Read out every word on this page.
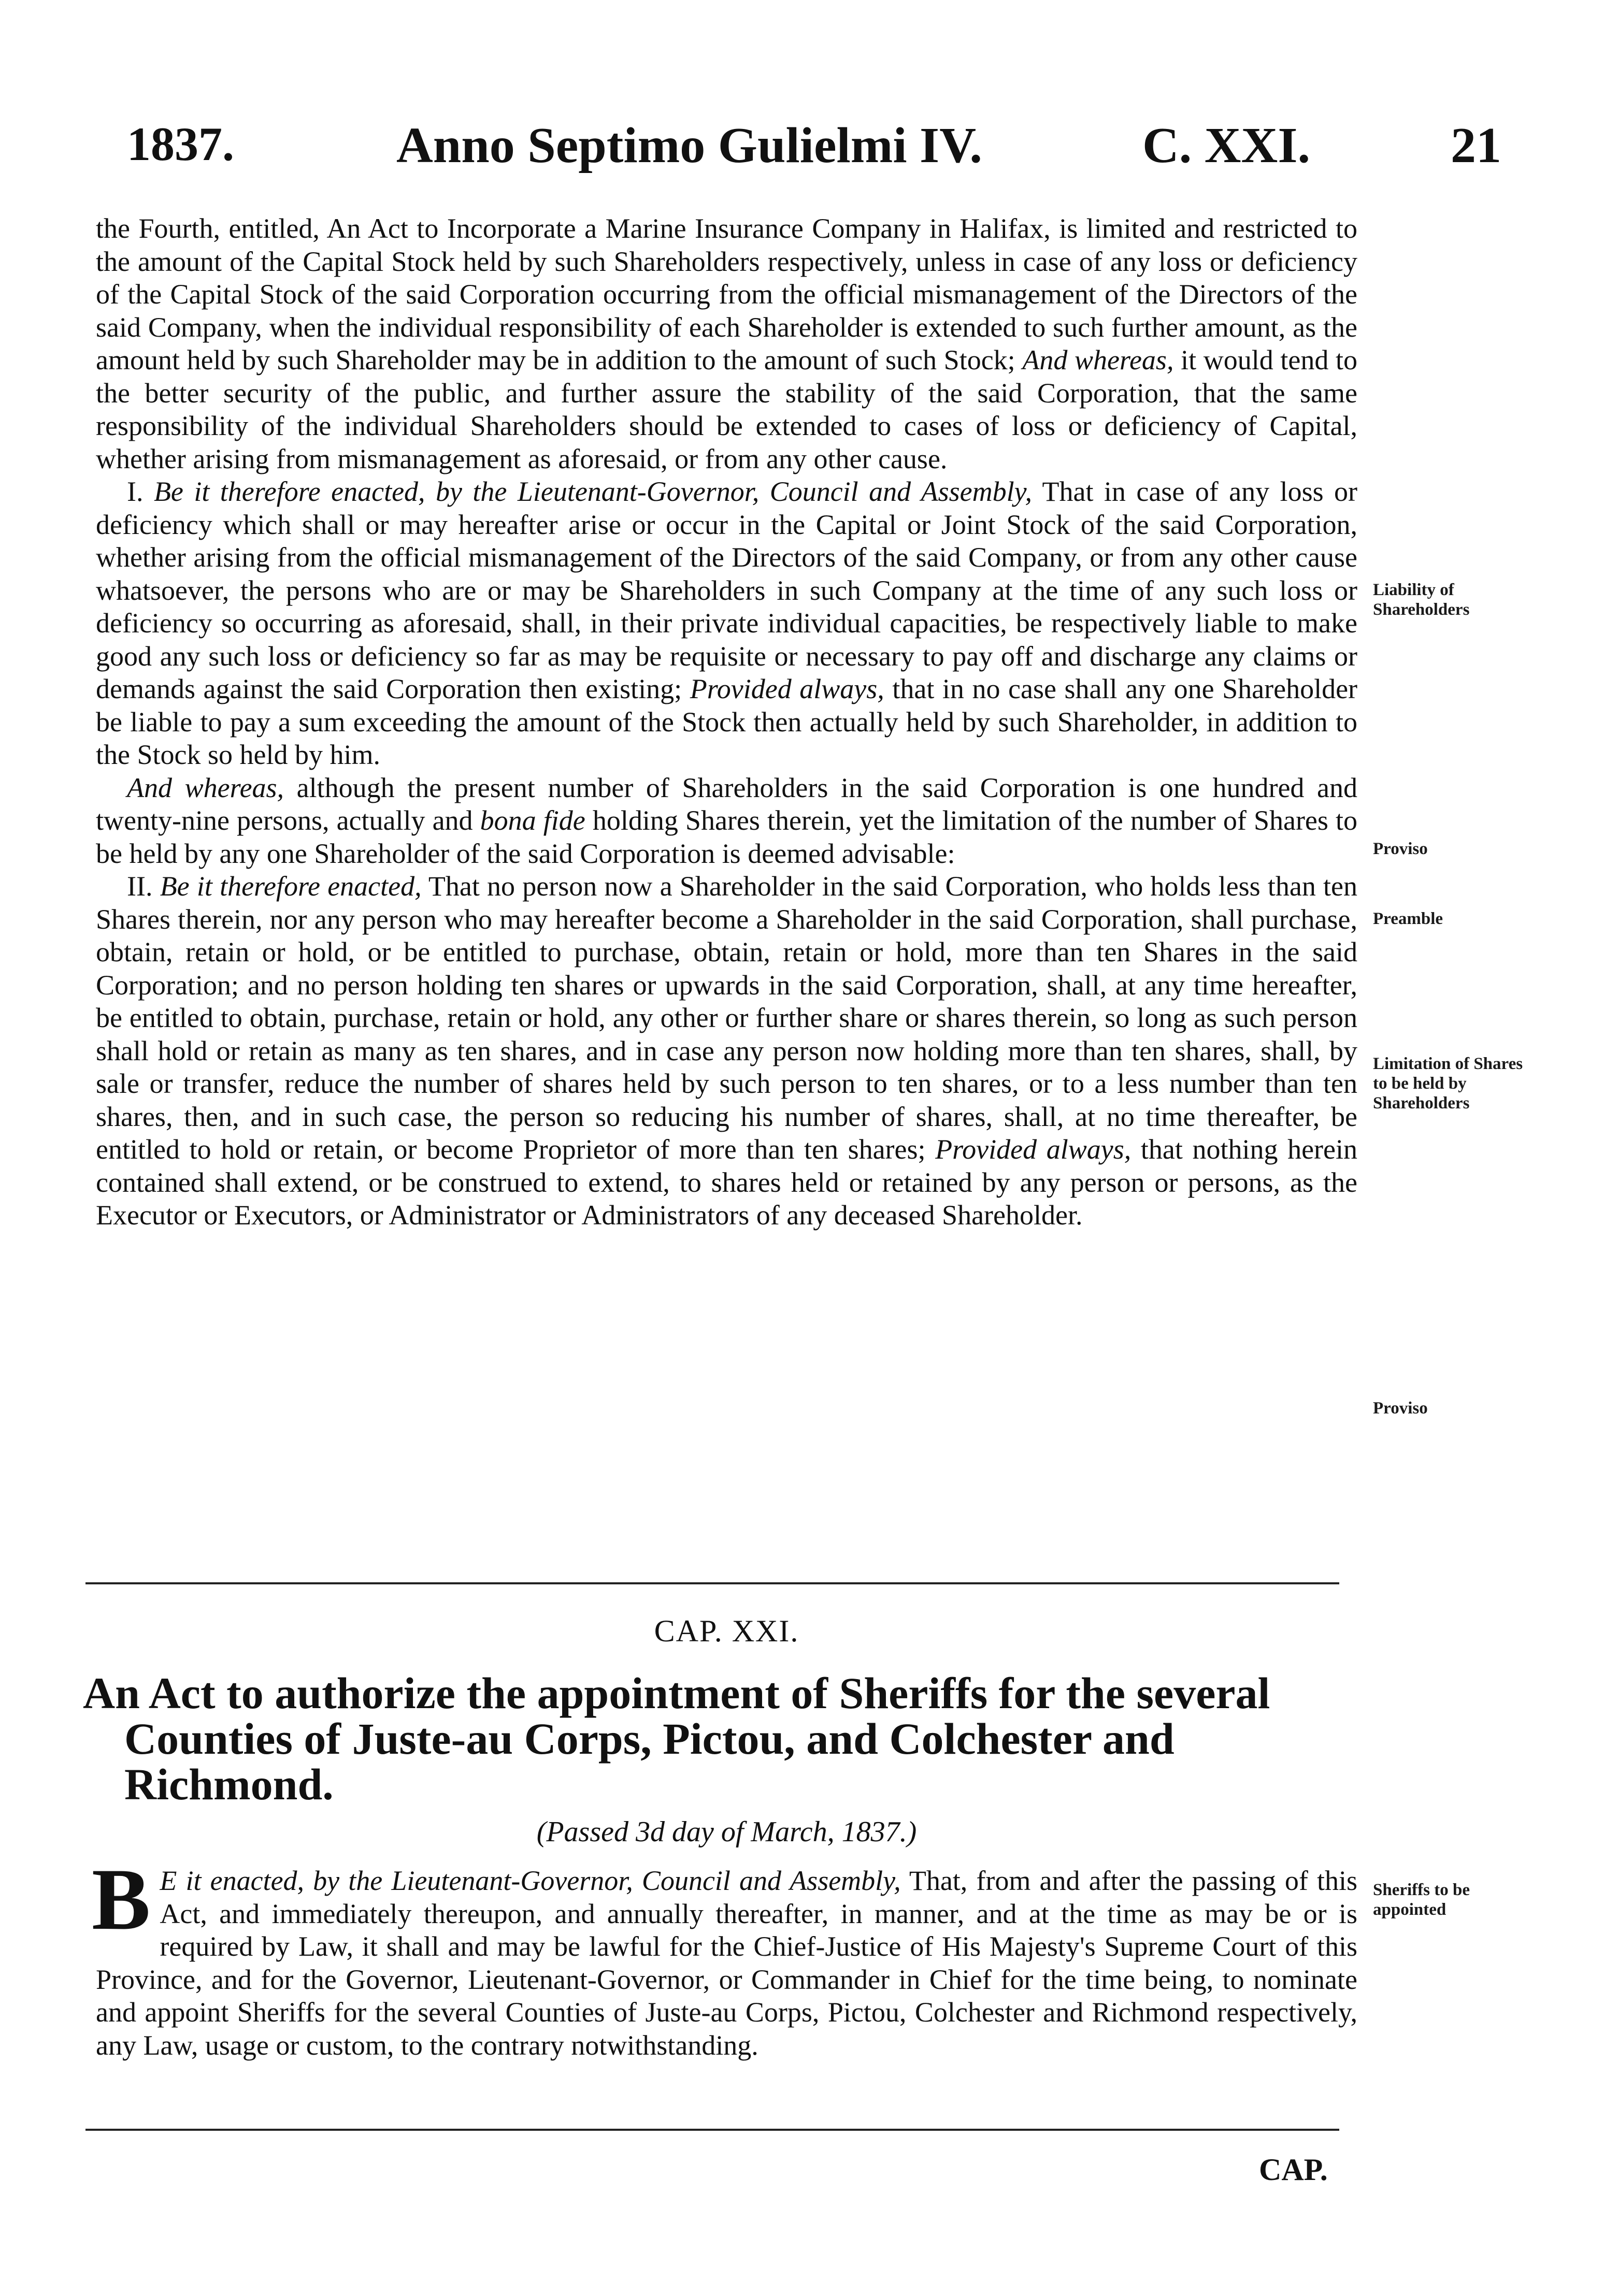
1837.	Anno Septimo Gulielmi IV.	C. XXI.	21

the Fourth, entitled, An Act to Incorporate a Marine Insurance Company in Halifax, is limited and restricted to the amount of the Capital Stock held by such Shareholders respectively, unless in case of any loss or deficiency of the Capital Stock of the said Corporation occurring from the official mismanagement of the Directors of the said Company, when the individual responsibility of each Shareholder is extended to such further amount, as the amount held by such Shareholder may be in addition to the amount of such Stock; And whereas, it would tend to the better security of the public, and further assure the stability of the said Corporation, that the same responsibility of the individual Shareholders should be extended to cases of loss or deficiency of Capital, whether arising from mismanagement as aforesaid, or from any other cause.

I. Be it therefore enacted, by the Lieutenant-Governor, Council and Assembly, That in case of any loss or deficiency which shall or may hereafter arise or occur in the Capital or Joint Stock of the said Corporation, whether arising from the official mismanagement of the Directors of the said Company, or from any other cause whatsoever, the persons who are or may be Shareholders in such Company at the time of any such loss or deficiency so occurring as aforesaid, shall, in their private individual capacities, be respectively liable to make good any such loss or deficiency so far as may be requisite or necessary to pay off and discharge any claims or demands against the said Corporation then existing; Provided always, that in no case shall any one Shareholder be liable to pay a sum exceeding the amount of the Stock then actually held by such Shareholder, in addition to the Stock so held by him.

And whereas, although the present number of Shareholders in the said Corporation is one hundred and twenty-nine persons, actually and bona fide holding Shares therein, yet the limitation of the number of Shares to be held by any one Shareholder of the said Corporation is deemed advisable:

II. Be it therefore enacted, That no person now a Shareholder in the said Corporation, who holds less than ten Shares therein, nor any person who may hereafter become a Shareholder in the said Corporation, shall purchase, obtain, retain or hold, or be entitled to purchase, obtain, retain or hold, more than ten Shares in the said Corporation; and no person holding ten shares or upwards in the said Corporation, shall, at any time hereafter, be entitled to obtain, purchase, retain or hold, any other or further share or shares therein, so long as such person shall hold or retain as many as ten shares, and in case any person now holding more than ten shares, shall, by sale or transfer, reduce the number of shares held by such person to ten shares, or to a less number than ten shares, then, and in such case, the person so reducing his number of shares, shall, at no time thereafter, be entitled to hold or retain, or become Proprietor of more than ten shares; Provided always, that nothing herein contained shall extend, or be construed to extend, to shares held or retained by any person or persons, as the Executor or Executors, or Administrator or Administrators of any deceased Shareholder.

Liability of Shareholders
Proviso
Preamble
Limitation of Shares to be held by Shareholders
Proviso
CAP. XXI.
An Act to authorize the appointment of Sheriffs for the several
Counties of Juste-au Corps, Pictou, and Colchester and Richmond.
(Passed 3d day of March, 1837.)

B E it enacted, by the Lieutenant-Governor, Council and Assembly, That, from and after the passing of this Act, and immediately thereupon, and annually thereafter, in manner, and at the time as may be or is required by Law, it shall and may be lawful for the Chief-Justice of His Majesty's Supreme Court of this Province, and for the Governor, Lieutenant-Governor, or Commander in Chief for the time being, to nominate and appoint Sheriffs for the several Counties of Juste-au Corps, Pictou, Colchester and Richmond respectively, any Law, usage or custom, to the contrary notwithstanding.

Sheriffs to be appointed
CAP.
